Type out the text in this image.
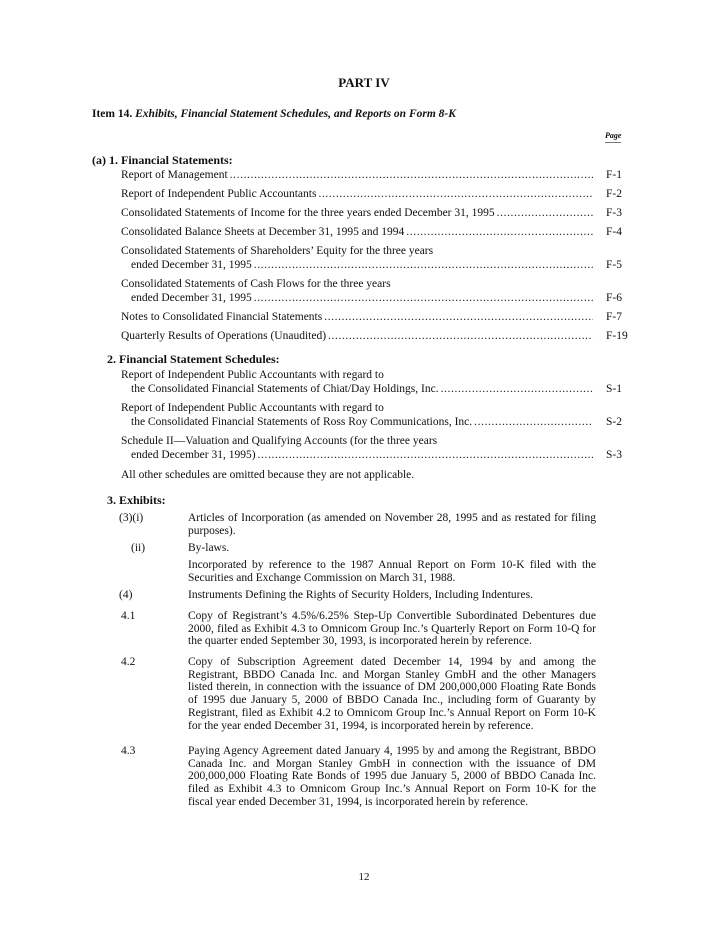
PART IV
Item 14. Exhibits, Financial Statement Schedules, and Reports on Form 8-K
Page
(a) 1. Financial Statements:
Report of Management .....	F-1
Report of Independent Public Accountants .....	F-2
Consolidated Statements of Income for the three years ended December 31, 1995 .....	F-3
Consolidated Balance Sheets at December 31, 1995 and 1994 .....	F-4
Consolidated Statements of Shareholders’ Equity for the three years
ended December 31, 1995 .....	F-5
Consolidated Statements of Cash Flows for the three years
ended December 31, 1995 .....	F-6
Notes to Consolidated Financial Statements .....	F-7
Quarterly Results of Operations (Unaudited) .....	F-19
2. Financial Statement Schedules:
Report of Independent Public Accountants with regard to
the Consolidated Financial Statements of Chiat/Day Holdings, Inc. .....	S-1
Report of Independent Public Accountants with regard to
the Consolidated Financial Statements of Ross Roy Communications, Inc. .....	S-2
Schedule II—Valuation and Qualifying Accounts (for the three years
ended December 31, 1995) .....	S-3
All other schedules are omitted because they are not applicable.
3. Exhibits:
(3)(i)	Articles of Incorporation (as amended on November 28, 1995 and as restated for filing purposes).
(ii)	By-laws.
Incorporated by reference to the 1987 Annual Report on Form 10-K filed with the Securities and Exchange Commission on March 31, 1988.
(4)	Instruments Defining the Rights of Security Holders, Including Indentures.
4.1	Copy of Registrant’s 4.5%/6.25% Step-Up Convertible Subordinated Debentures due 2000, filed as Exhibit 4.3 to Omnicom Group Inc.’s Quarterly Report on Form 10-Q for the quarter ended September 30, 1993, is incorporated herein by reference.
4.2	Copy of Subscription Agreement dated December 14, 1994 by and among the Registrant, BBDO Canada Inc. and Morgan Stanley GmbH and the other Managers listed therein, in connection with the issuance of DM 200,000,000 Floating Rate Bonds of 1995 due January 5, 2000 of BBDO Canada Inc., including form of Guaranty by Registrant, filed as Exhibit 4.2 to Omnicom Group Inc.’s Annual Report on Form 10-K for the year ended December 31, 1994, is incorporated herein by reference.
4.3	Paying Agency Agreement dated January 4, 1995 by and among the Registrant, BBDO Canada Inc. and Morgan Stanley GmbH in connection with the issuance of DM 200,000,000 Floating Rate Bonds of 1995 due January 5, 2000 of BBDO Canada Inc. filed as Exhibit 4.3 to Omnicom Group Inc.’s Annual Report on Form 10-K for the fiscal year ended December 31, 1994, is incorporated herein by reference.
12
